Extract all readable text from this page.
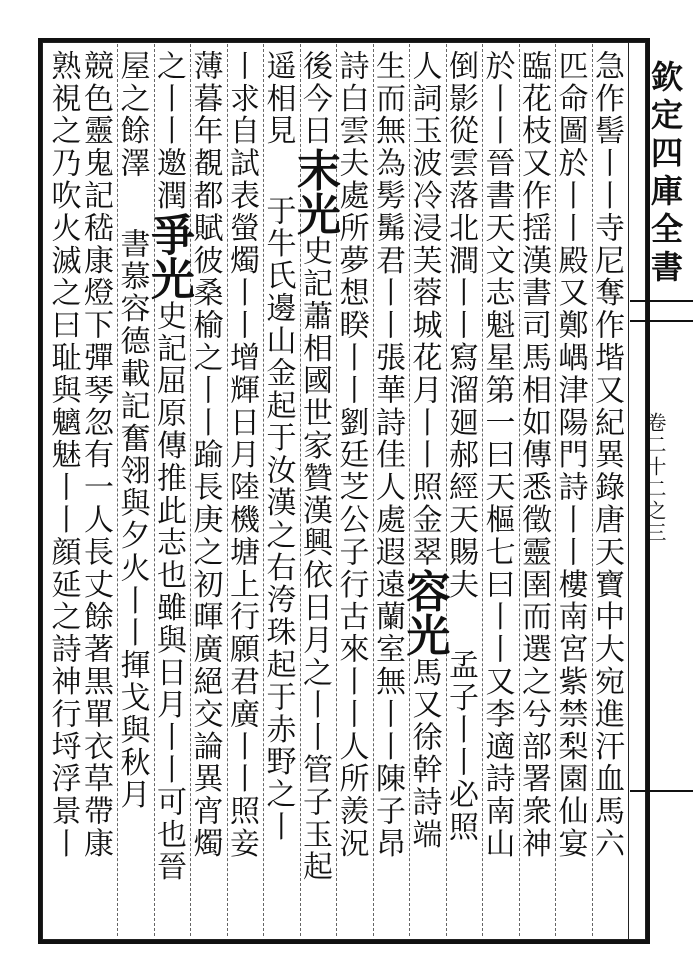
欽定四庫全書
卷二十二之三
急作髻丨丨寺尼奪作堦又紀異錄唐天寶中大宛進汗血馬六
匹命圖於丨丨殿又鄭嵎津陽門詩丨丨樓南宮紫禁梨園仙宴
臨花枝又作揺漢書司馬相如傳悉徵靈圉而選之兮部署衆神
於丨丨晉書天文志魁星第一曰天樞七曰丨丨又李適詩南山
倒影從雲落北澗丨丨寫溜廻郝經天賜夫孟子丨丨必照
人詞玉波冷浸芙蓉城花月丨丨照金翠容光馬又徐幹詩端
生而無為髣髴君丨丨張華詩佳人處遐遠蘭室無丨丨陳子昂
詩白雲夫處所夢想睽丨丨劉廷芝公子行古來丨丨人所羨況
後今日末光史記蕭相國世家贊漢興依日月之丨丨管子玉起
遥相見于牛氏邊山金起于汝漢之右洿珠起于赤野之丨
丨求自試表螢燭丨丨增輝日月陸機塘上行願君廣丨丨照妾
薄暮年覩都賦彼桑榆之丨丨踰長庚之初暉廣絕交論異宵燭
之丨丨邀潤爭光史記屈原傳推此志也雖與日月丨丨可也晉
屋之餘澤書慕容德載記奮翎與夕火丨丨揮戈與秋月
競色靈鬼記嵇康燈下彈琴忽有一人長丈餘著黒單衣草帶康
熟視之乃吹火滅之曰耻與魑魅丨丨顔延之詩神行埒浮景丨
